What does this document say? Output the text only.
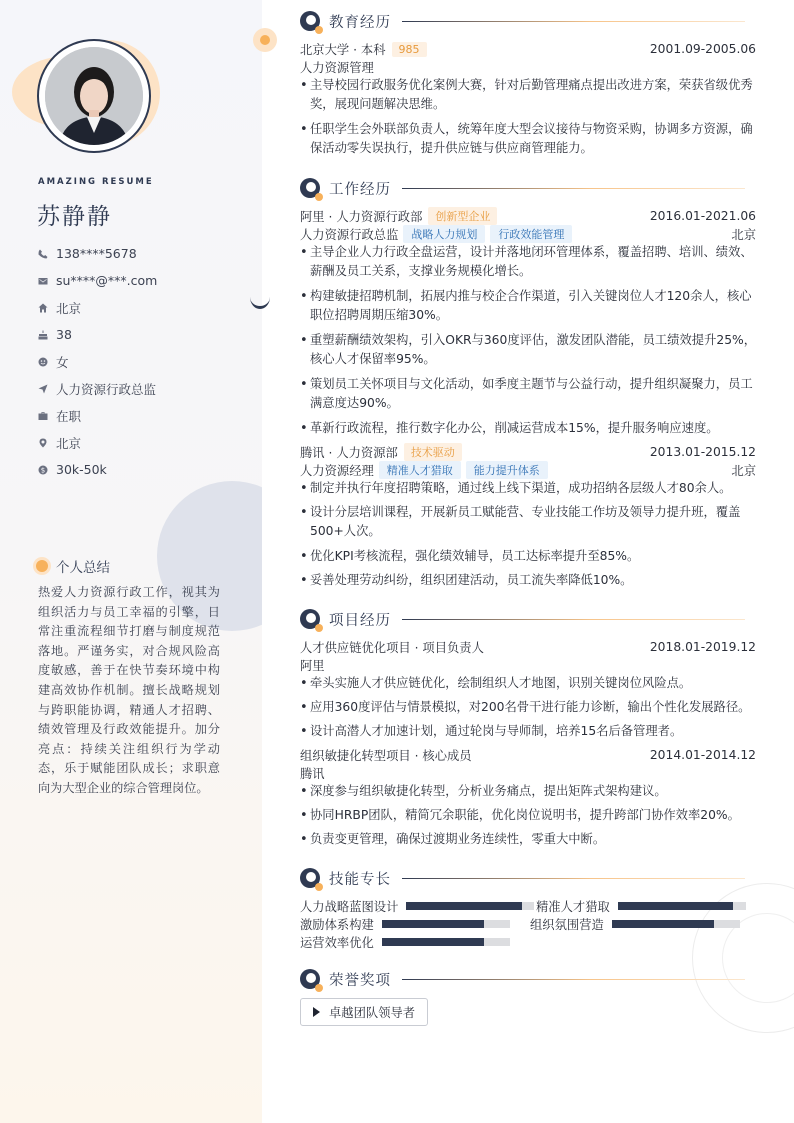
AMAZING RESUME
苏静静
138****5678
su****@***.com
北京
38
女
人力资源行政总监
在职
北京
$ 30k-50k
个人总结
热爱人力资源行政工作，视其为组织活力与员工幸福的引擎，日常注重流程细节打磨与制度规范落地。严谨务实，对合规风险高度敏感，善于在快节奏环境中构建高效协作机制。擅长战略规划与跨职能协调，精通人才招聘、绩效管理及行政效能提升。加分亮点：持续关注组织行为学动态，乐于赋能团队成长；求职意向为大型企业的综合管理岗位。
教育经历
北京大学 · 本科	985	2001.09-2005.06
人力资源管理
• 主导校园行政服务优化案例大赛，针对后勤管理痛点提出改进方案，荣获省级优秀奖，展现问题解决思维。
• 任职学生会外联部负责人，统筹年度大型会议接待与物资采购，协调多方资源，确保活动零失误执行，提升供应链与供应商管理能力。
工作经历
阿里 · 人力资源行政部	创新型企业	2016.01-2021.06
人力资源行政总监	战略人力规划	行政效能管理	北京
• 主导企业人力行政全盘运营，设计并落地闭环管理体系，覆盖招聘、培训、绩效、薪酬及员工关系，支撑业务规模化增长。
• 构建敏捷招聘机制，拓展内推与校企合作渠道，引入关键岗位人才120余人，核心职位招聘周期压缩30%。
• 重塑薪酬绩效架构，引入OKR与360度评估，激发团队潜能，员工绩效提升25%，核心人才保留率95%。
• 策划员工关怀项目与文化活动，如季度主题节与公益行动，提升组织凝聚力，员工满意度达90%。
• 革新行政流程，推行数字化办公，削减运营成本15%，提升服务响应速度。
腾讯 · 人力资源部	技术驱动	2013.01-2015.12
人力资源经理	精准人才猎取	能力提升体系	北京
• 制定并执行年度招聘策略，通过线上线下渠道，成功招纳各层级人才80余人。
• 设计分层培训课程，开展新员工赋能营、专业技能工作坊及领导力提升班，覆盖500+人次。
• 优化KPI考核流程，强化绩效辅导，员工达标率提升至85%。
• 妥善处理劳动纠纷，组织团建活动，员工流失率降低10%。
项目经历
人才供应链优化项目 · 项目负责人	2018.01-2019.12
阿里
• 牵头实施人才供应链优化，绘制组织人才地图，识别关键岗位风险点。
• 应用360度评估与情景模拟，对200名骨干进行能力诊断，输出个性化发展路径。
• 设计高潜人才加速计划，通过轮岗与导师制，培养15名后备管理者。
组织敏捷化转型项目 · 核心成员	2014.01-2014.12
腾讯
• 深度参与组织敏捷化转型，分析业务痛点，提出矩阵式架构建议。
• 协同HRBP团队，精简冗余职能，优化岗位说明书，提升跨部门协作效率20%。
• 负责变更管理，确保过渡期业务连续性，零重大中断。
技能专长
人力战略蓝图设计	精准人才猎取
激励体系构建	组织氛围营造
运营效率优化
荣誉奖项
卓越团队领导者
